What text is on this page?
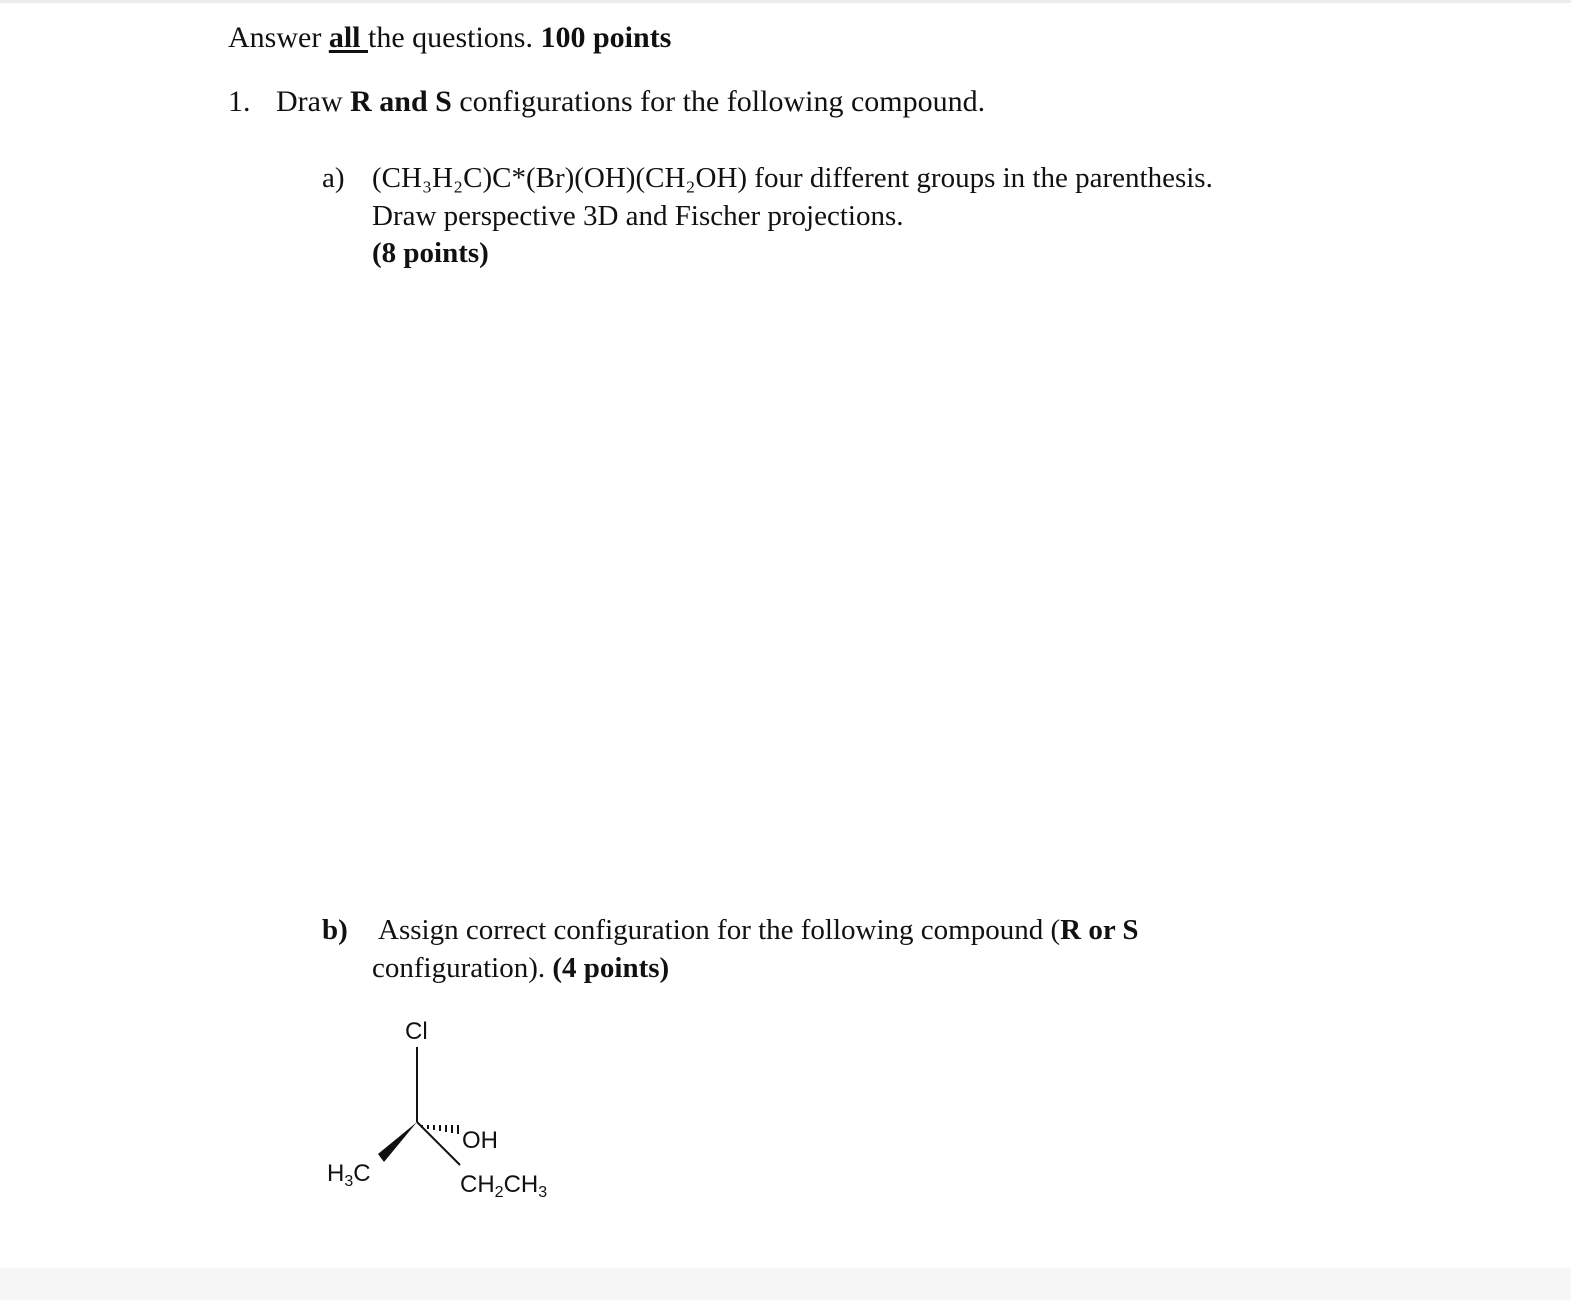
Answer all the questions. 100 points
1. Draw R and S configurations for the following compound.
a) (CH₃H₂C)C*(Br)(OH)(CH₂OH) four different groups in the parenthesis.
Draw perspective 3D and Fischer projections.
(8 points)
b) Assign correct configuration for the following compound (R or S
configuration). (4 points)
Cl
OH
$H_3C$	$CH_2CH_3$
